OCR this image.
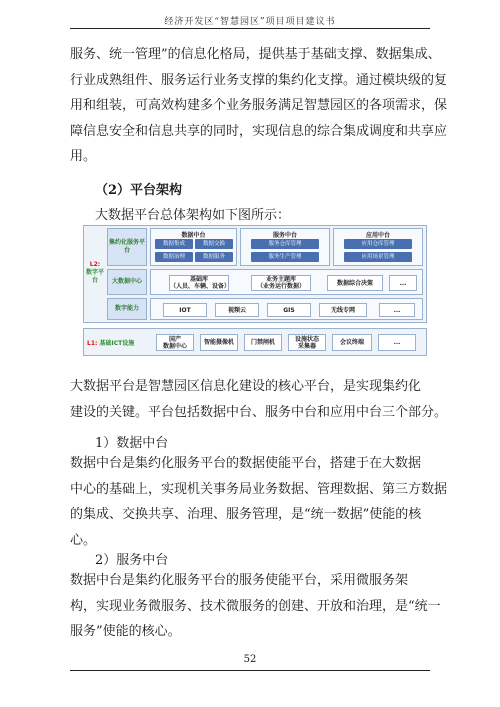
经济开发区“智慧园区”项目项目建议书
服务、统一管理”的信息化格局，提供基于基础支撑、数据集成、
行业成熟组件、服务运行业务支撑的集约化支撑。通过模块级的复
用和组装，可高效构建多个业务服务满足智慧园区的各项需求，保
障信息安全和信息共享的同时，实现信息的综合集成调度和共享应
用。
（2）平台架构
大数据平台总体架构如下图所示：
L2:
数字平台
集约化服务平台
数据中台
数据集成	数据交换
数据治理	数据服务
服务中台
服务仓库管理
服务生产管理
应用中台
应用仓库管理
应用场景管理
大数据中心	基础库
（人员、车辆、设备）
业务主题库
（业务运行数据）	数据综合决策	...
数字能力	IOT	视频云	GIS	无线专网	...
L1: 基础ICT设施
国产
数据中心	智能摄像机	门禁闸机	设施状态
采集器	会议终端	...
大数据平台是智慧园区信息化建设的核心平台，是实现集约化
建设的关键。平台包括数据中台、服务中台和应用中台三个部分。
1）数据中台
数据中台是集约化服务平台的数据使能平台，搭建于在大数据
中心的基础上，实现机关事务局业务数据、管理数据、第三方数据
的集成、交换共享、治理、服务管理，是“统一数据”使能的核
心。
2）服务中台
数据中台是集约化服务平台的服务使能平台，采用微服务架
构，实现业务微服务、技术微服务的创建、开放和治理，是“统一
服务”使能的核心。
52
